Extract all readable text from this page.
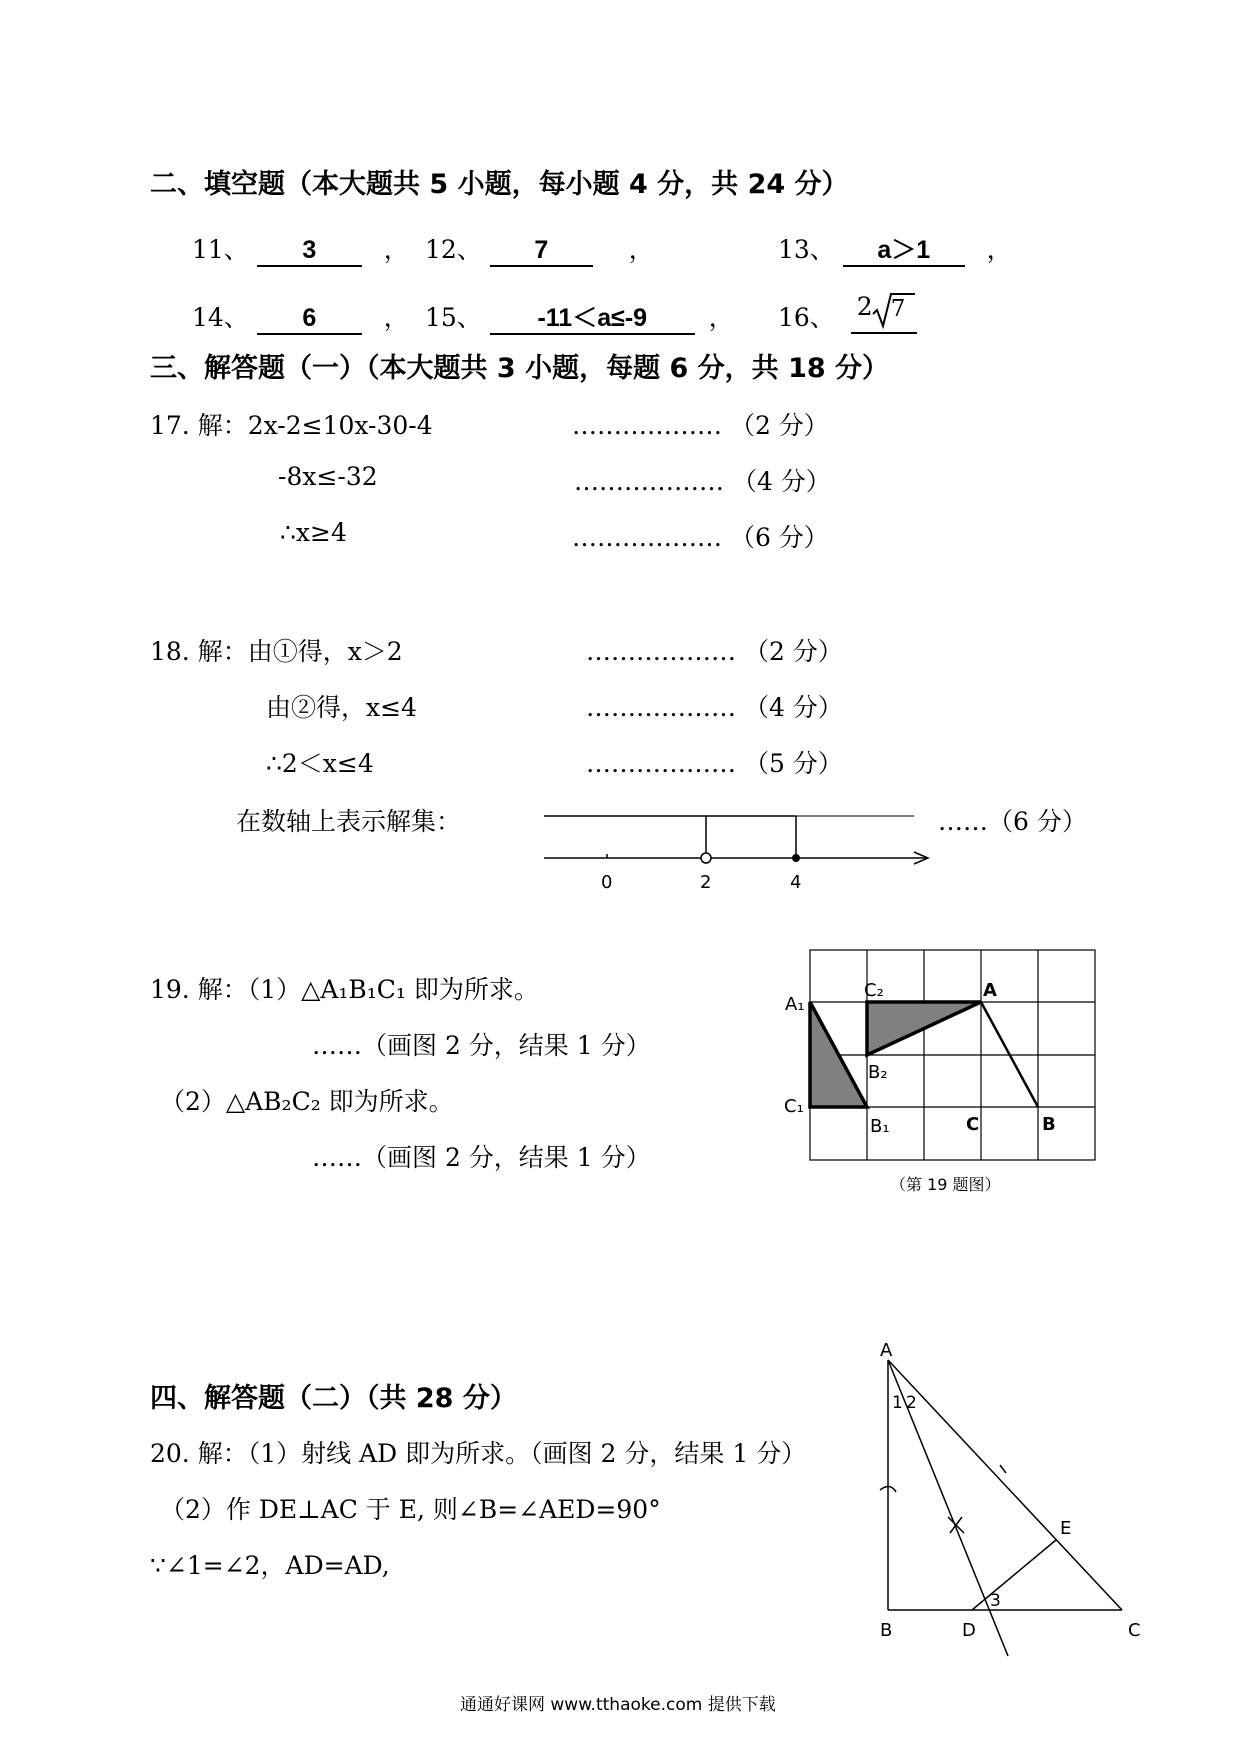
二、填空题（本大题共 5 小题，每小题 4 分，共 24 分）
11、 3	， 12、 7	，	13、 a＞1 ，
14、 6	， 15、 -11＜a≤-9 ， 16、 2 7
三、解答题（一）（本大题共 3 小题，每题 6 分，共 18 分）
17. 解：2x-2≤10x-30-4	……………… （2 分）
-8x≤-32	……………… （4 分）
∴x≥4	……………… （6 分）
18. 解：由①得，x＞2	……………… （2 分）
由②得，x≤4	……………… （4 分）
∴2＜x≤4	……………… （5 分）
在数轴上表示解集：	……（6 分）
0	2	4
19. 解：（1）△A₁B₁C₁ 即为所求。
……（画图 2 分，结果 1 分）
（2）△AB₂C₂ 即为所求。
……（画图 2 分，结果 1 分）
C₂	A
A₁
B₂
C₁
B₁	C	B
（第 19 题图）
四、解答题（二）（共 28 分）
20. 解：（1）射线 AD 即为所求。（画图 2 分，结果 1 分）
（2）作 DE⊥AC 于 E, 则∠B=∠AED=90°
∵∠1=∠2，AD=AD,
A
1 2
E
3
B	D	C
通通好课网 www.tthaoke.com 提供下载
